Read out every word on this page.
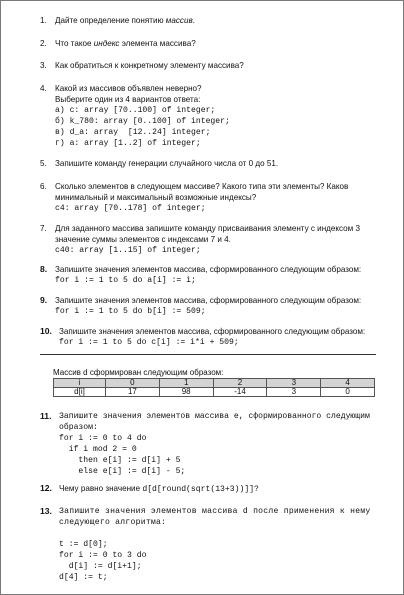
1. Дайте определение понятию массив.
2. Что такое индекс элемента массива?
3. Как обратиться к конкретному элементу массива?
4. Какой из массивов объявлен неверно?
Выберите один из 4 вариантов ответа:
а) c: array [70..100] of integer;
б) k_780: array [0..100] of integer;
в) d_a: array  [12..24] integer;
г) a: array [1..2] of integer;
5. Запишите команду генерации случайного числа от 0 до 51.
6. Сколько элементов в следующем массиве? Какого типа эти элементы? Каков
минимальный и максимальный возможные индексы?
c4: array [70..178] of integer;
7. Для заданного массива запишите команду присваивания элементу с индексом 3
значение суммы элементов с индексами 7 и 4.
c40: array [1..15] of integer;
8. Запишите значения элементов массива, сформированного следующим образом:
for i := 1 to 5 do a[i] := i;
9. Запишите значения элементов массива, сформированного следующим образом:
for i := 1 to 5 do b[i] := 509;
10. Запишите значения элементов массива, сформированного следующим образом:
for i := 1 to 5 do c[i] := i*i + 509;
Массив d сформирован следующим образом:
i	0	1	2	3	4
d[i]	17	98	-14	3	0
11. Запишите значения элементов массива e, сформированного следующим
образом:
for i := 0 to 4 do
if i mod 2 = 0
then e[i] := d[i] + 5
else e[i] := d[i] - 5;
12. Чему равно значение d[d[round(sqrt(13+3))]]?
13. Запишите значения элементов массива d после применения к нему
следующего алгоритма:
t := d[0];
for i := 0 to 3 do
d[i] := d[i+1];
d[4] := t;
